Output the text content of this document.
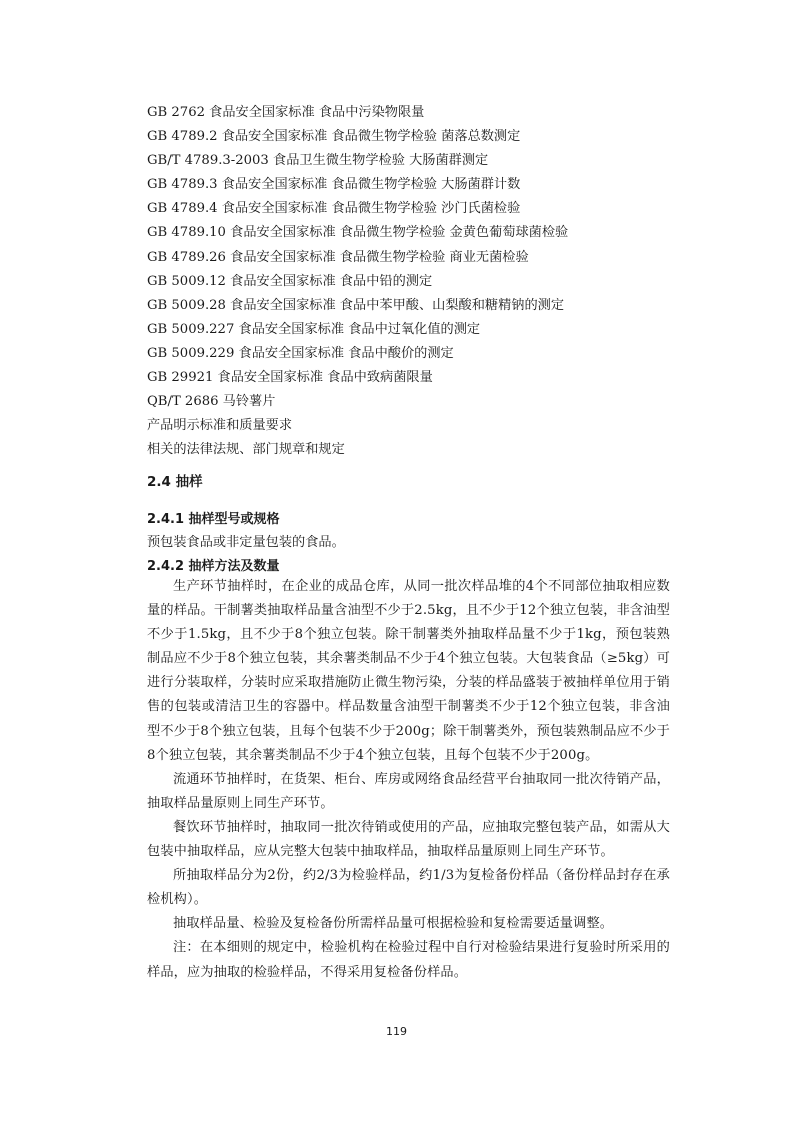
GB 2762 食品安全国家标准 食品中污染物限量
GB 4789.2 食品安全国家标准 食品微生物学检验 菌落总数测定
GB/T 4789.3-2003 食品卫生微生物学检验 大肠菌群测定
GB 4789.3 食品安全国家标准 食品微生物学检验 大肠菌群计数
GB 4789.4 食品安全国家标准 食品微生物学检验 沙门氏菌检验
GB 4789.10 食品安全国家标准 食品微生物学检验 金黄色葡萄球菌检验
GB 4789.26 食品安全国家标准 食品微生物学检验 商业无菌检验
GB 5009.12 食品安全国家标准 食品中铅的测定
GB 5009.28 食品安全国家标准 食品中苯甲酸、山梨酸和糖精钠的测定
GB 5009.227 食品安全国家标准 食品中过氧化值的测定
GB 5009.229 食品安全国家标准 食品中酸价的测定
GB 29921 食品安全国家标准 食品中致病菌限量
QB/T 2686 马铃薯片
产品明示标准和质量要求
相关的法律法规、部门规章和规定
2.4 抽样
2.4.1 抽样型号或规格
预包装食品或非定量包装的食品。
2.4.2 抽样方法及数量

生产环节抽样时，在企业的成品仓库，从同一批次样品堆的4个不同部位抽取相应数量的样品。干制薯类抽取样品量含油型不少于2.5kg，且不少于12个独立包装，非含油型不少于1.5kg，且不少于8个独立包装。除干制薯类外抽取样品量不少于1kg，预包装熟制品应不少于8个独立包装，其余薯类制品不少于4个独立包装。大包装食品（≥5kg）可进行分装取样，分装时应采取措施防止微生物污染，分装的样品盛装于被抽样单位用于销售的包装或清洁卫生的容器中。样品数量含油型干制薯类不少于12个独立包装，非含油型不少于8个独立包装，且每个包装不少于200g；除干制薯类外，预包装熟制品应不少于8个独立包装，其余薯类制品不少于4个独立包装，且每个包装不少于200g。

流通环节抽样时，在货架、柜台、库房或网络食品经营平台抽取同一批次待销产品，抽取样品量原则上同生产环节。

餐饮环节抽样时，抽取同一批次待销或使用的产品，应抽取完整包装产品，如需从大包装中抽取样品，应从完整大包装中抽取样品，抽取样品量原则上同生产环节。

所抽取样品分为2份，约2/3为检验样品，约1/3为复检备份样品（备份样品封存在承检机构）。

抽取样品量、检验及复检备份所需样品量可根据检验和复检需要适量调整。

注：在本细则的规定中，检验机构在检验过程中自行对检验结果进行复验时所采用的样品，应为抽取的检验样品，不得采用复检备份样品。

119
